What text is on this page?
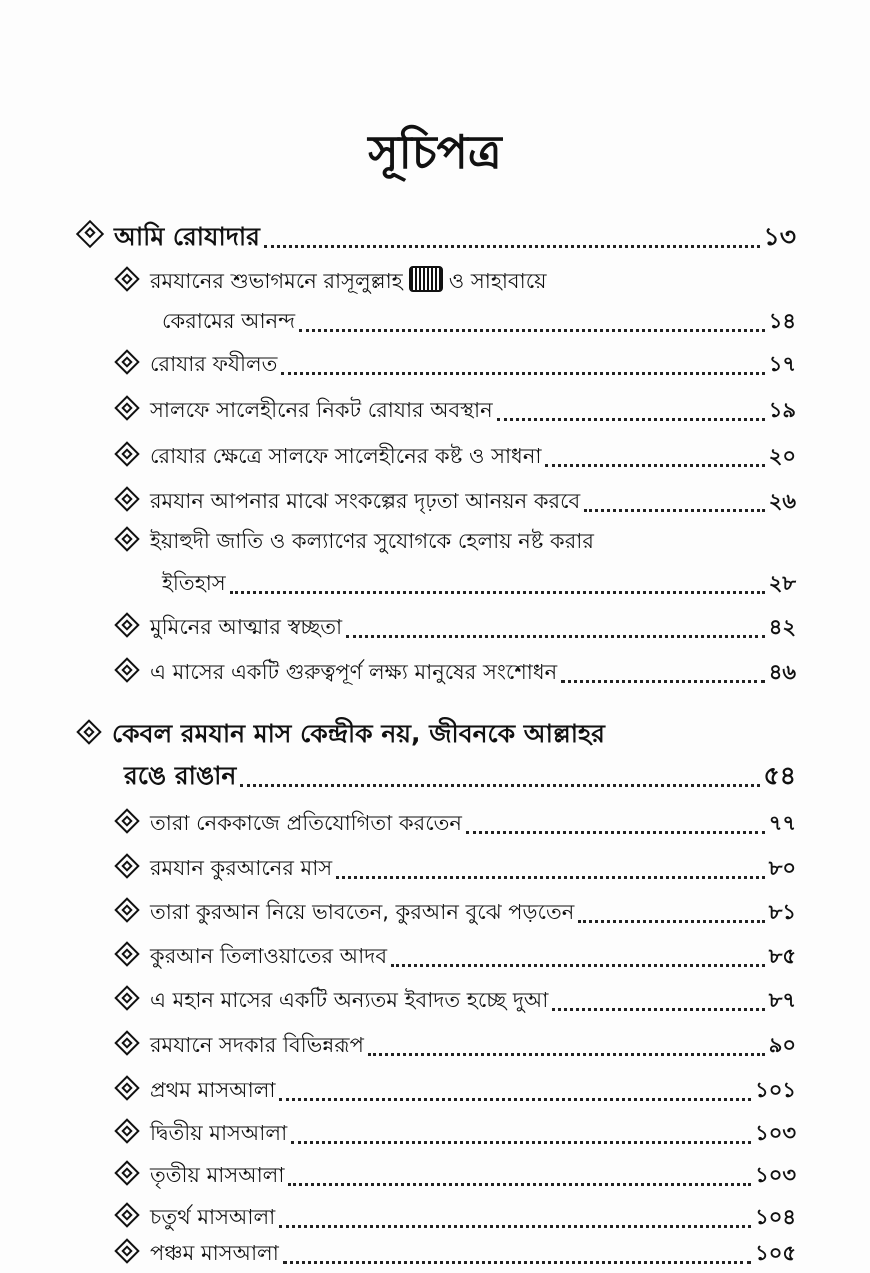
সূচিপত্র
আমি রোযাদার	১৩
রমযানের শুভাগমনে রাসূলুল্লাহ ও সাহাবায়ে
কেরামের আনন্দ	১৪
রোযার ফযীলত	১৭
সালফে সালেহীনের নিকট রোযার অবস্থান	১৯
রোযার ক্ষেত্রে সালফে সালেহীনের কষ্ট ও সাধনা	২০
রমযান আপনার মাঝে সংকল্পের দৃঢ়তা আনয়ন করবে	২৬
ইয়াহুদী জাতি ও কল্যাণের সুযোগকে হেলায় নষ্ট করার
ইতিহাস	২৮
মুমিনের আত্মার স্বচ্ছতা	৪২
এ মাসের একটি গুরুত্বপূর্ণ লক্ষ্য মানুষের সংশোধন	৪৬
কেবল রমযান মাস কেন্দ্রীক নয়, জীবনকে আল্লাহর
রঙে রাঙান	৫৪
তারা নেককাজে প্রতিযোগিতা করতেন	৭৭
রমযান কুরআনের মাস	৮০
তারা কুরআন নিয়ে ভাবতেন, কুরআন বুঝে পড়তেন	৮১
কুরআন তিলাওয়াতের আদব	৮৫
এ মহান মাসের একটি অন্যতম ইবাদত হচ্ছে দুআ	৮৭
রমযানে সদকার বিভিন্নরূপ	৯০
প্রথম মাসআলা	১০১
দ্বিতীয় মাসআলা	১০৩
তৃতীয় মাসআলা	১০৩
চতুর্থ মাসআলা	১০৪
পঞ্চম মাসআলা	১০৫
